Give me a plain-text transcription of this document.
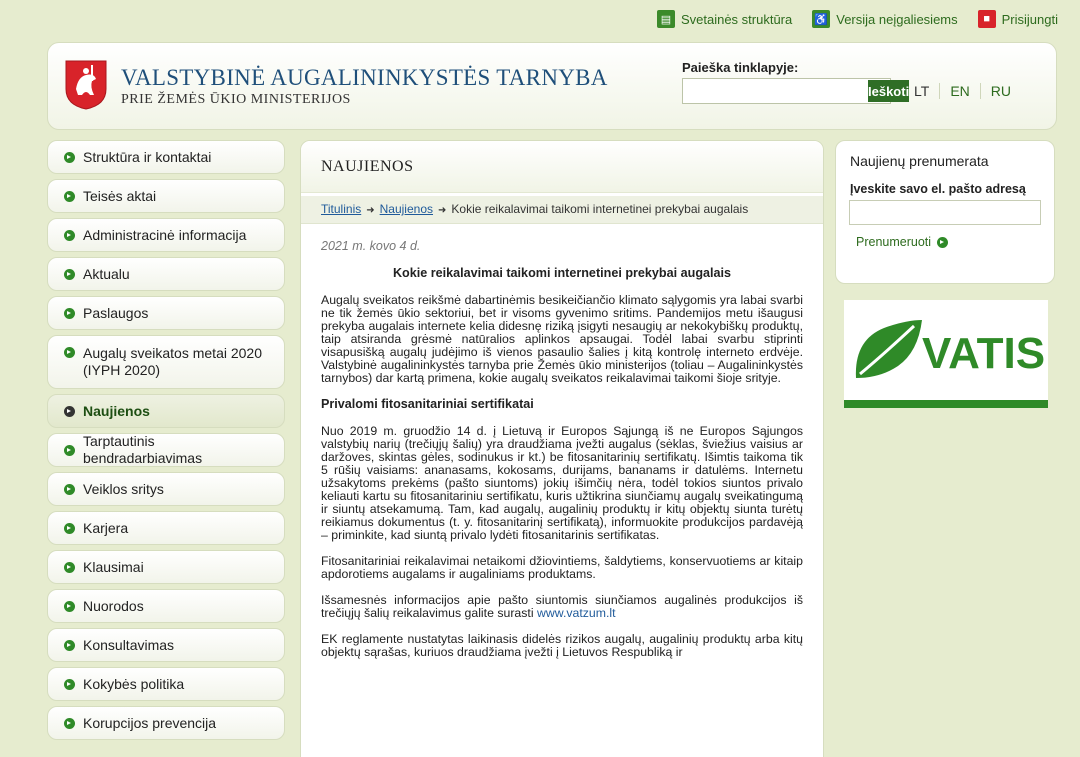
▤ Svetainės struktūra ♿ Versija neįgaliesiems	■ Prisijungti
VALSTYBINĖ AUGALININKYSTĖS TARNYBA
PRIE ŽEMĖS ŪKIO MINISTERIJOS
Paieška tinklapyje:
Ieškoti LT	EN	RU
Struktūra ir kontaktai
Teisės aktai
Administracinė informacija
Aktualu
Paslaugos
Augalų sveikatos metai 2020 (IYPH 2020)
Naujienos
Tarptautinis bendradarbiavimas
Veiklos sritys
Karjera
Klausimai
Nuorodos
Konsultavimas
Kokybės politika
Korupcijos prevencija
NAUJIENOS
Titulinis ➜ Naujienos ➜ Kokie reikalavimai taikomi internetinei prekybai augalais
2021 m. kovo 4 d.
Kokie reikalavimai taikomi internetinei prekybai augalais

Augalų sveikatos reikšmė dabartinėmis besikeičiančio klimato sąlygomis yra labai svarbi ne tik žemės ūkio sektoriui, bet ir visoms gyvenimo sritims. Pandemijos metu išaugusi prekyba augalais internete kelia didesnę riziką įsigyti nesaugių ar nekokybiškų produktų, taip atsiranda grėsmė natūralios aplinkos apsaugai. Todėl labai svarbu stiprinti visapusišką augalų judėjimo iš vienos pasaulio šalies į kitą kontrolę interneto erdvėje. Valstybinė augalininkystės tarnyba prie Žemės ūkio ministerijos (toliau – Augalininkystės tarnybos) dar kartą primena, kokie augalų sveikatos reikalavimai taikomi šioje srityje.

Privalomi fitosanitariniai sertifikatai

Nuo 2019 m. gruodžio 14 d. į Lietuvą ir Europos Sąjungą iš ne Europos Sąjungos valstybių narių (trečiųjų šalių) yra draudžiama įvežti augalus (sėklas, šviežius vaisius ar daržoves, skintas gėles, sodinukus ir kt.) be fitosanitarinių sertifikatų. Išimtis taikoma tik 5 rūšių vaisiams: ananasams, kokosams, durijams, bananams ir datulėms. Internetu užsakytoms prekėms (pašto siuntoms) jokių išimčių nėra, todėl tokios siuntos privalo keliauti kartu su fitosanitariniu sertifikatu, kuris užtikrina siunčiamų augalų sveikatingumą ir siuntų atsekamumą. Tam, kad augalų, augalinių produktų ir kitų objektų siunta turėtų reikiamus dokumentus (t. y. fitosanitarinį sertifikatą), informuokite produkcijos pardavėją – priminkite, kad siuntą privalo lydėti fitosanitarinis sertifikatas.

Fitosanitariniai reikalavimai netaikomi džiovintiems, šaldytiems, konservuotiems ar kitaip apdorotiems augalams ir augaliniams produktams.

Išsamesnės informacijos apie pašto siuntomis siunčiamos augalinės produkcijos iš trečiųjų šalių reikalavimus galite surasti www.vatzum.lt

EK reglamente nustatytas laikinasis didelės rizikos augalų, augalinių produktų arba kitų objektų sąrašas, kuriuos draudžiama įvežti į Lietuvos Respubliką ir

Naujienų prenumerata
Įveskite savo el. pašto adresą
Prenumeruoti
VATIS
